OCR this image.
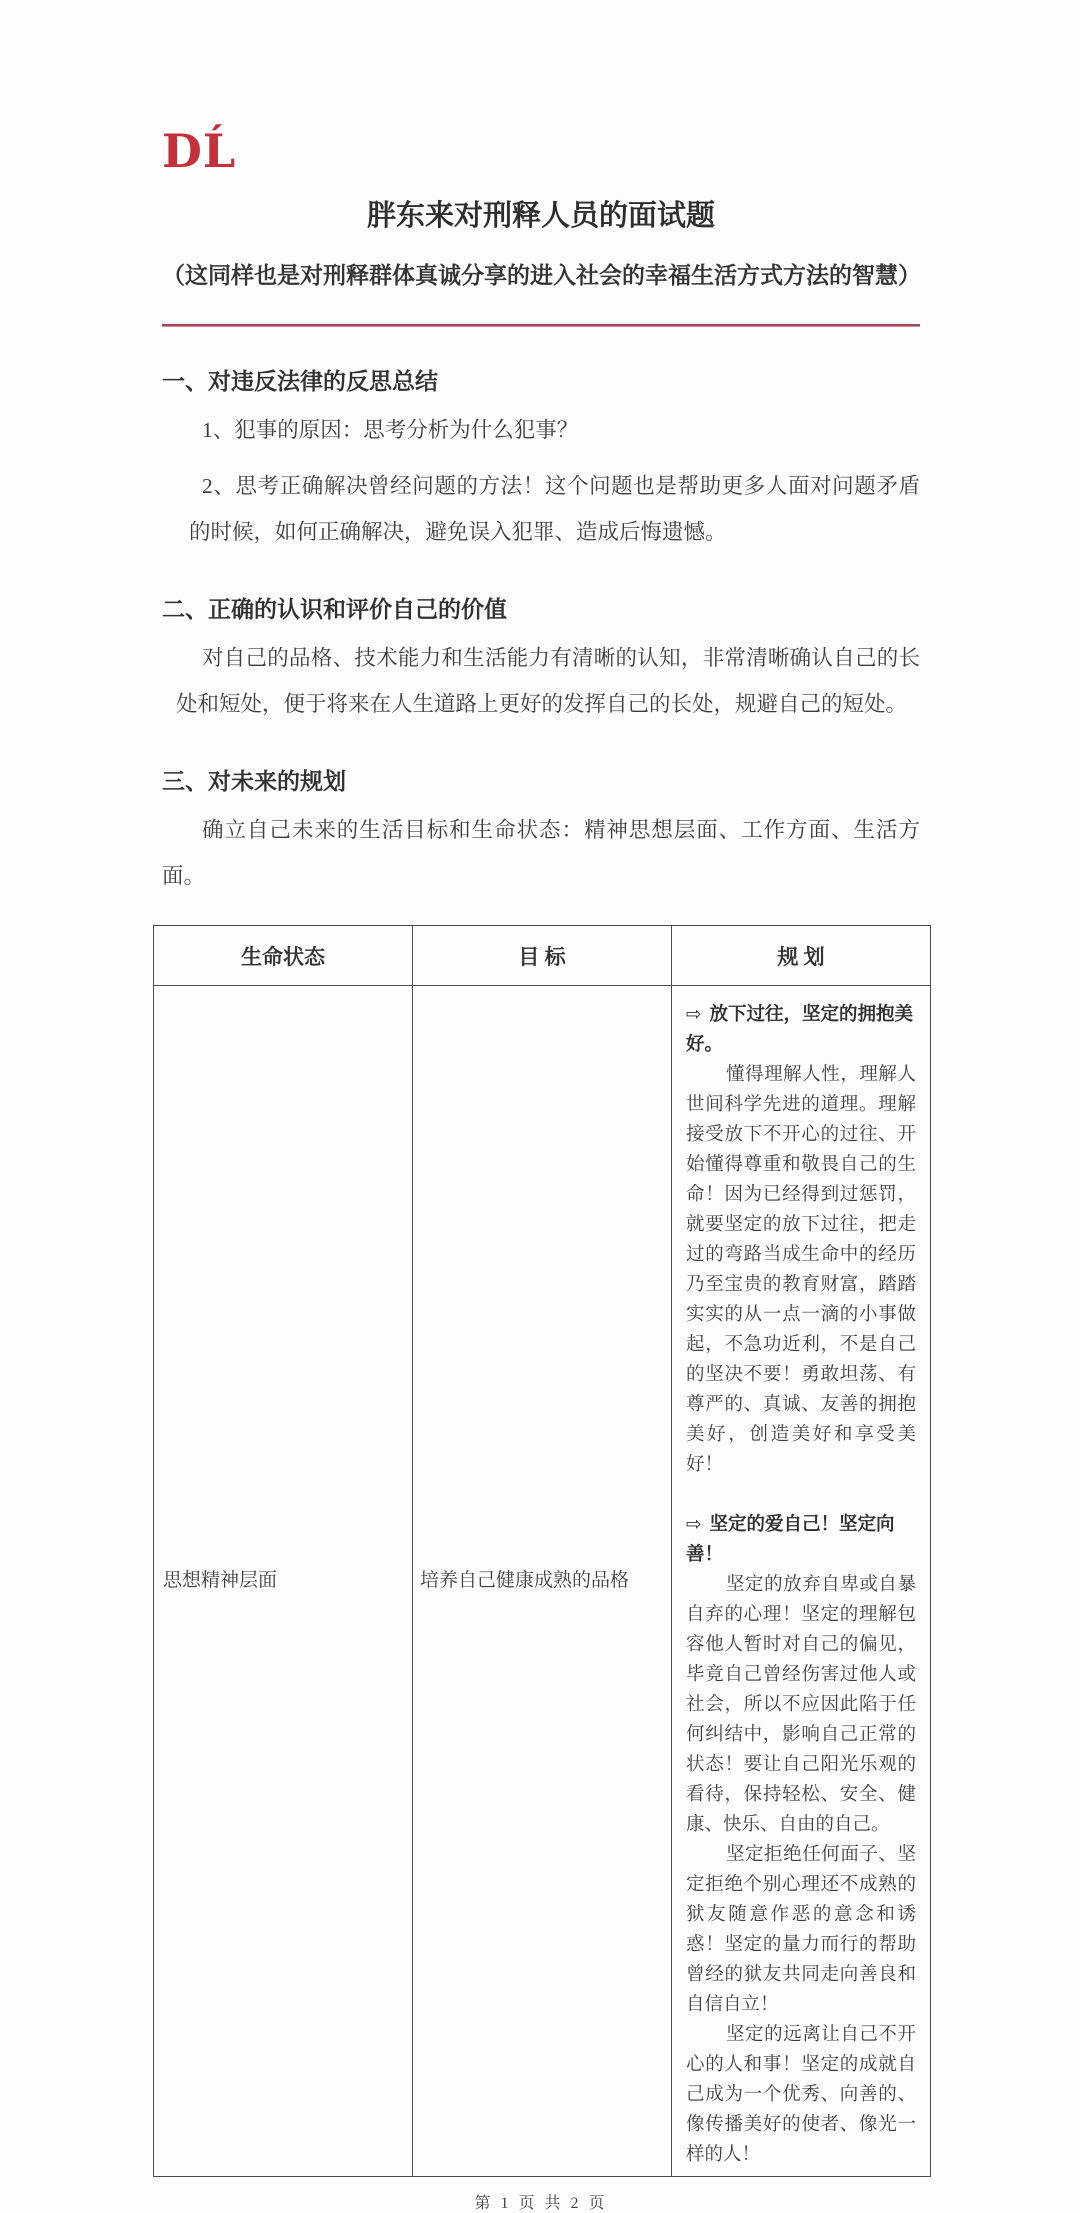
DĹ
胖东来对刑释人员的面试题
（这同样也是对刑释群体真诚分享的进入社会的幸福生活方式方法的智慧）
一、对违反法律的反思总结

1、犯事的原因：思考分析为什么犯事？

2、思考正确解决曾经问题的方法！这个问题也是帮助更多人面对问题矛盾的时候，如何正确解决，避免误入犯罪、造成后悔遗憾。

二、正确的认识和评价自己的价值

对自己的品格、技术能力和生活能力有清晰的认知，非常清晰确认自己的长处和短处，便于将来在人生道路上更好的发挥自己的长处，规避自己的短处。

三、对未来的规划

确立自己未来的生活目标和生命状态：精神思想层面、工作方面、生活方面。

生命状态	目 标	规 划
思想精神层面	培养自己健康成熟的品格	

⇨ 放下过往，坚定的拥抱美好。

懂得理解人性，理解人世间科学先进的道理。理解接受放下不开心的过往、开始懂得尊重和敬畏自己的生命！因为已经得到过惩罚，就要坚定的放下过往，把走过的弯路当成生命中的经历乃至宝贵的教育财富，踏踏实实的从一点一滴的小事做起，不急功近利，不是自己的坚决不要！勇敢坦荡、有尊严的、真诚、友善的拥抱美好，创造美好和享受美好！

⇨ 坚定的爱自己！坚定向善！

坚定的放弃自卑或自暴自弃的心理！坚定的理解包容他人暂时对自己的偏见，毕竟自己曾经伤害过他人或社会，所以不应因此陷于任何纠结中，影响自己正常的状态！要让自己阳光乐观的看待，保持轻松、安全、健康、快乐、自由的自己。

坚定拒绝任何面子、坚定拒绝个别心理还不成熟的狱友随意作恶的意念和诱惑！坚定的量力而行的帮助曾经的狱友共同走向善良和自信自立！

坚定的远离让自己不开心的人和事！坚定的成就自己成为一个优秀、向善的、像传播美好的使者、像光一样的人！

第 1 页 共 2 页
